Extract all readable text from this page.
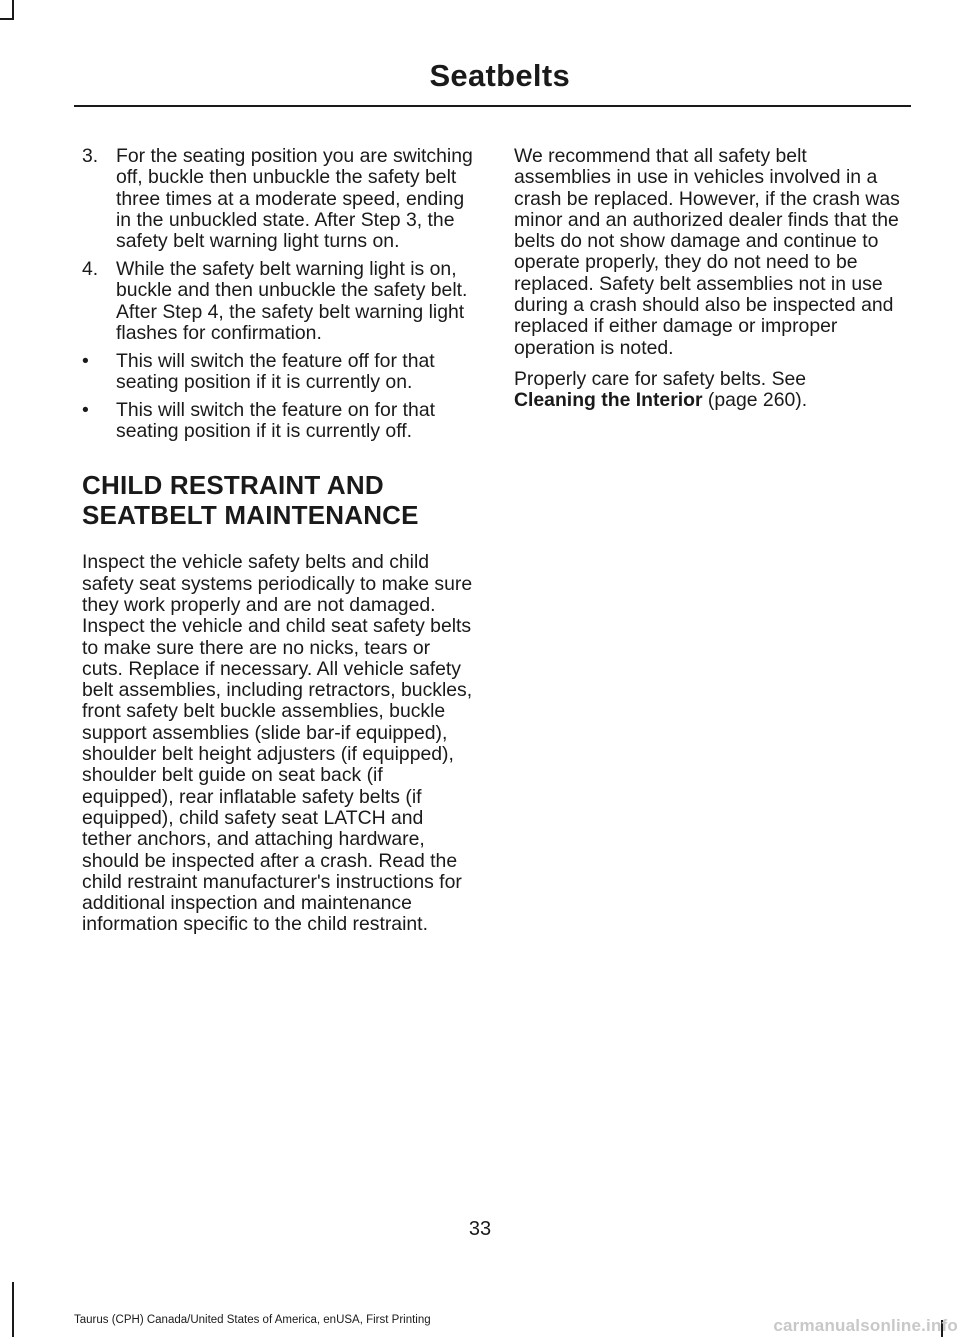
Seatbelts
3. For the seating position you are switching off, buckle then unbuckle the safety belt three times at a moderate speed, ending in the unbuckled state. After Step 3, the safety belt warning light turns on.
4. While the safety belt warning light is on, buckle and then unbuckle the safety belt. After Step 4, the safety belt warning light flashes for confirmation.
•	This will switch the feature off for that seating position if it is currently on.
•	This will switch the feature on for that seating position if it is currently off.
CHILD RESTRAINT AND
SEATBELT MAINTENANCE

Inspect the vehicle safety belts and child safety seat systems periodically to make sure they work properly and are not damaged. Inspect the vehicle and child seat safety belts to make sure there are no nicks, tears or cuts. Replace if necessary. All vehicle safety belt assemblies, including retractors, buckles, front safety belt buckle assemblies, buckle support assemblies (slide bar-if equipped), shoulder belt height adjusters (if equipped), shoulder belt guide on seat back (if equipped), rear inflatable safety belts (if equipped), child safety seat LATCH and tether anchors, and attaching hardware, should be inspected after a crash. Read the child restraint manufacturer's instructions for additional inspection and maintenance information specific to the child restraint.

We recommend that all safety belt assemblies in use in vehicles involved in a crash be replaced. However, if the crash was minor and an authorized dealer finds that the belts do not show damage and continue to operate properly, they do not need to be replaced. Safety belt assemblies not in use during a crash should also be inspected and replaced if either damage or improper operation is noted.

Properly care for safety belts. See
Cleaning the Interior (page 260).

33
Taurus (CPH) Canada/United States of America, enUSA, First Printing	carmanualsonline.info
